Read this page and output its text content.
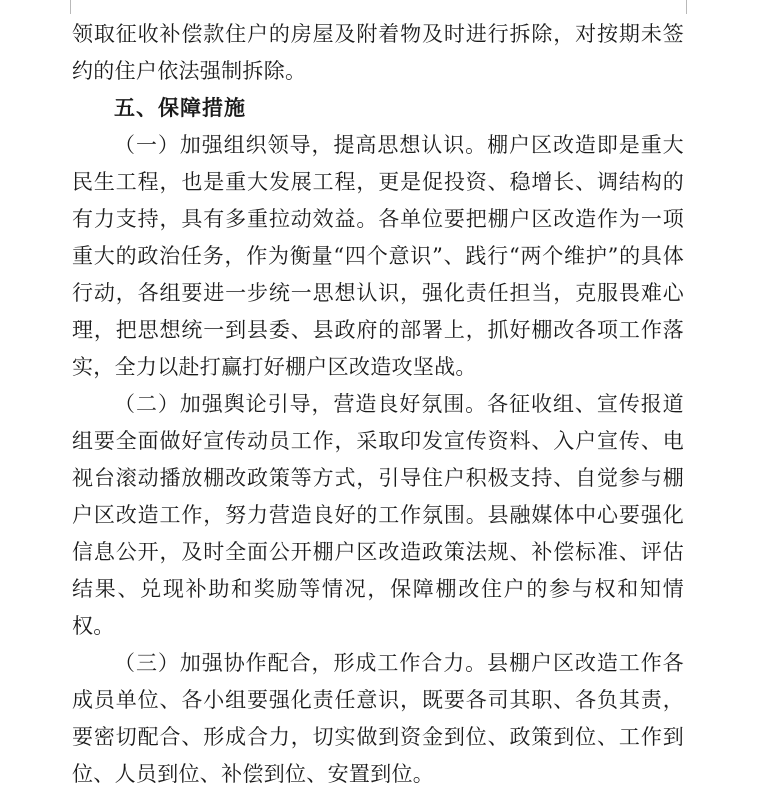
领取征收补偿款住户的房屋及附着物及时进行拆除，对按期未签约的住户依法强制拆除。

五、保障措施

（一）加强组织领导，提高思想认识。棚户区改造即是重大民生工程，也是重大发展工程，更是促投资、稳增长、调结构的有力支持，具有多重拉动效益。各单位要把棚户区改造作为一项重大的政治任务，作为衡量“四个意识”、践行“两个维护”的具体行动，各组要进一步统一思想认识，强化责任担当，克服畏难心理，把思想统一到县委、县政府的部署上，抓好棚改各项工作落实，全力以赴打赢打好棚户区改造攻坚战。

（二）加强舆论引导，营造良好氛围。各征收组、宣传报道组要全面做好宣传动员工作，采取印发宣传资料、入户宣传、电视台滚动播放棚改政策等方式，引导住户积极支持、自觉参与棚户区改造工作，努力营造良好的工作氛围。县融媒体中心要强化信息公开，及时全面公开棚户区改造政策法规、补偿标准、评估结果、兑现补助和奖励等情况，保障棚改住户的参与权和知情权。

（三）加强协作配合，形成工作合力。县棚户区改造工作各成员单位、各小组要强化责任意识，既要各司其职、各负其责，要密切配合、形成合力，切实做到资金到位、政策到位、工作到位、人员到位、补偿到位、安置到位。
